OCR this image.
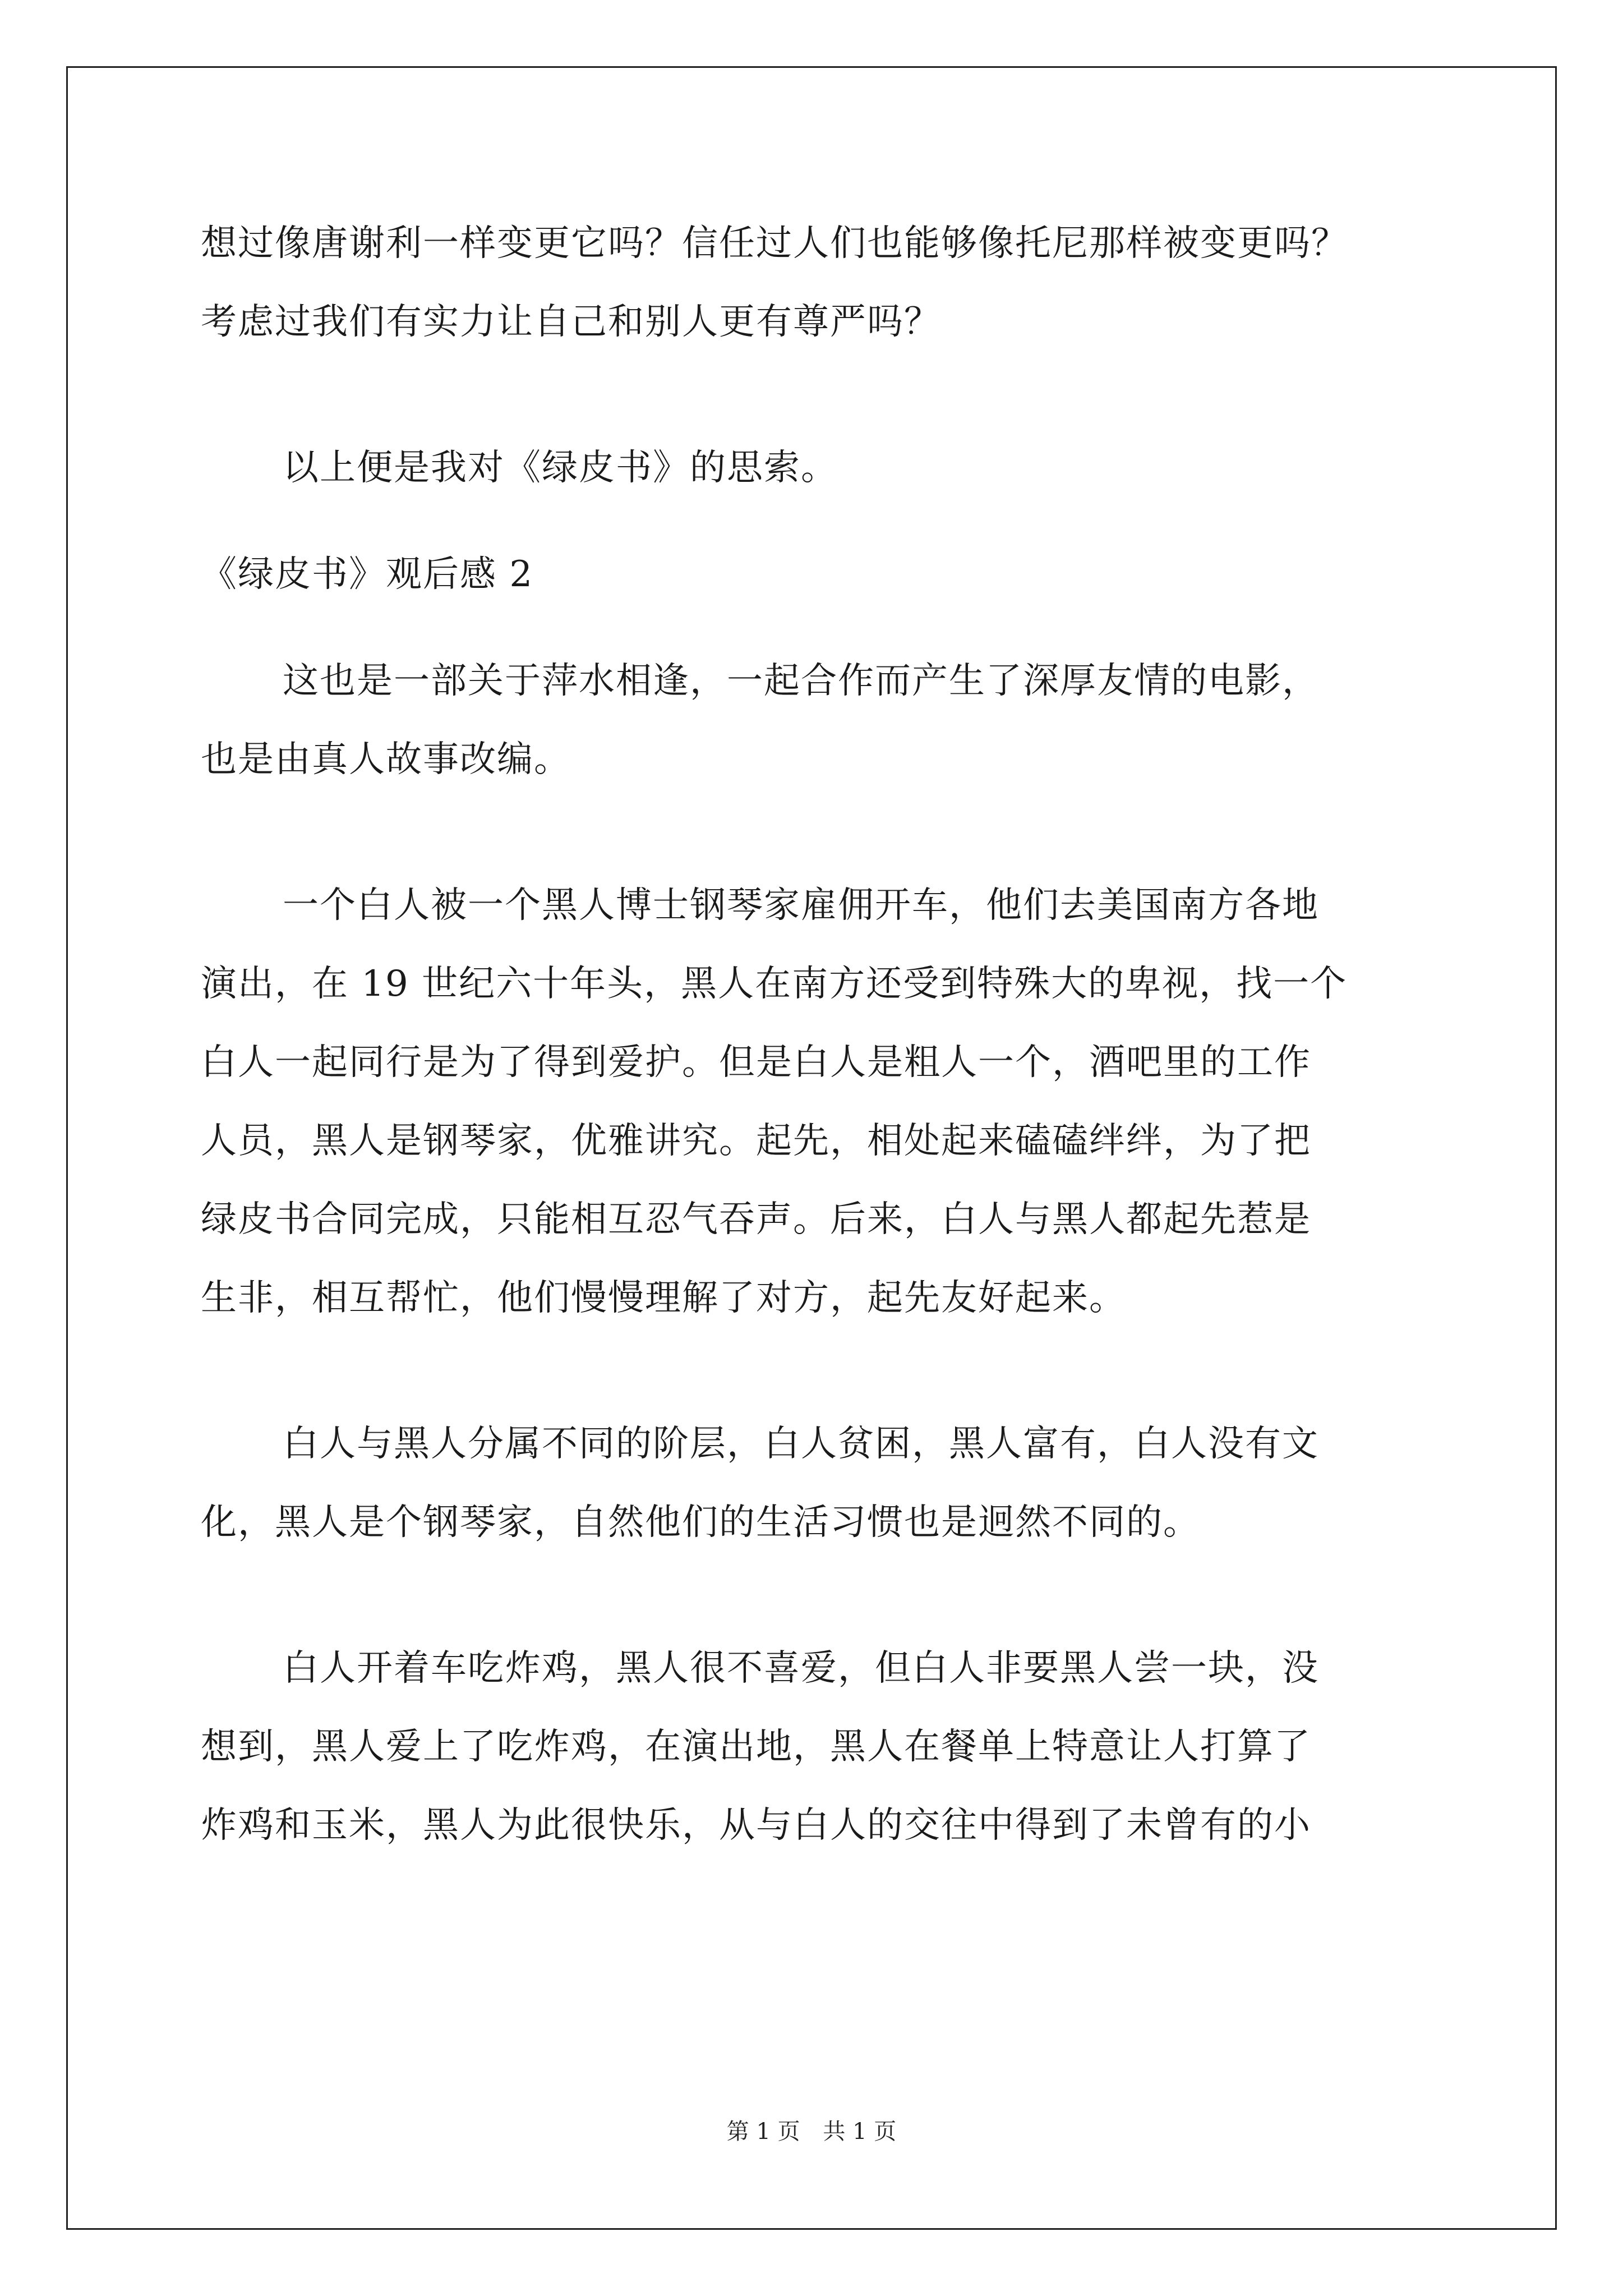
想过像唐谢利一样变更它吗？信任过人们也能够像托尼那样被变更吗？
考虑过我们有实力让自己和别人更有尊严吗？
以上便是我对《绿皮书》的思索。
《绿皮书》观后感 2
这也是一部关于萍水相逢，一起合作而产生了深厚友情的电影，
也是由真人故事改编。
一个白人被一个黑人博士钢琴家雇佣开车，他们去美国南方各地
演出，在 19 世纪六十年头，黑人在南方还受到特殊大的卑视，找一个
白人一起同行是为了得到爱护。但是白人是粗人一个，酒吧里的工作
人员，黑人是钢琴家，优雅讲究。起先，相处起来磕磕绊绊，为了把
绿皮书合同完成，只能相互忍气吞声。后来，白人与黑人都起先惹是
生非，相互帮忙，他们慢慢理解了对方，起先友好起来。
白人与黑人分属不同的阶层，白人贫困，黑人富有，白人没有文
化，黑人是个钢琴家，自然他们的生活习惯也是迥然不同的。
白人开着车吃炸鸡，黑人很不喜爱，但白人非要黑人尝一块，没
想到，黑人爱上了吃炸鸡，在演出地，黑人在餐单上特意让人打算了
炸鸡和玉米，黑人为此很快乐，从与白人的交往中得到了未曾有的小
第 1 页 共 1 页
